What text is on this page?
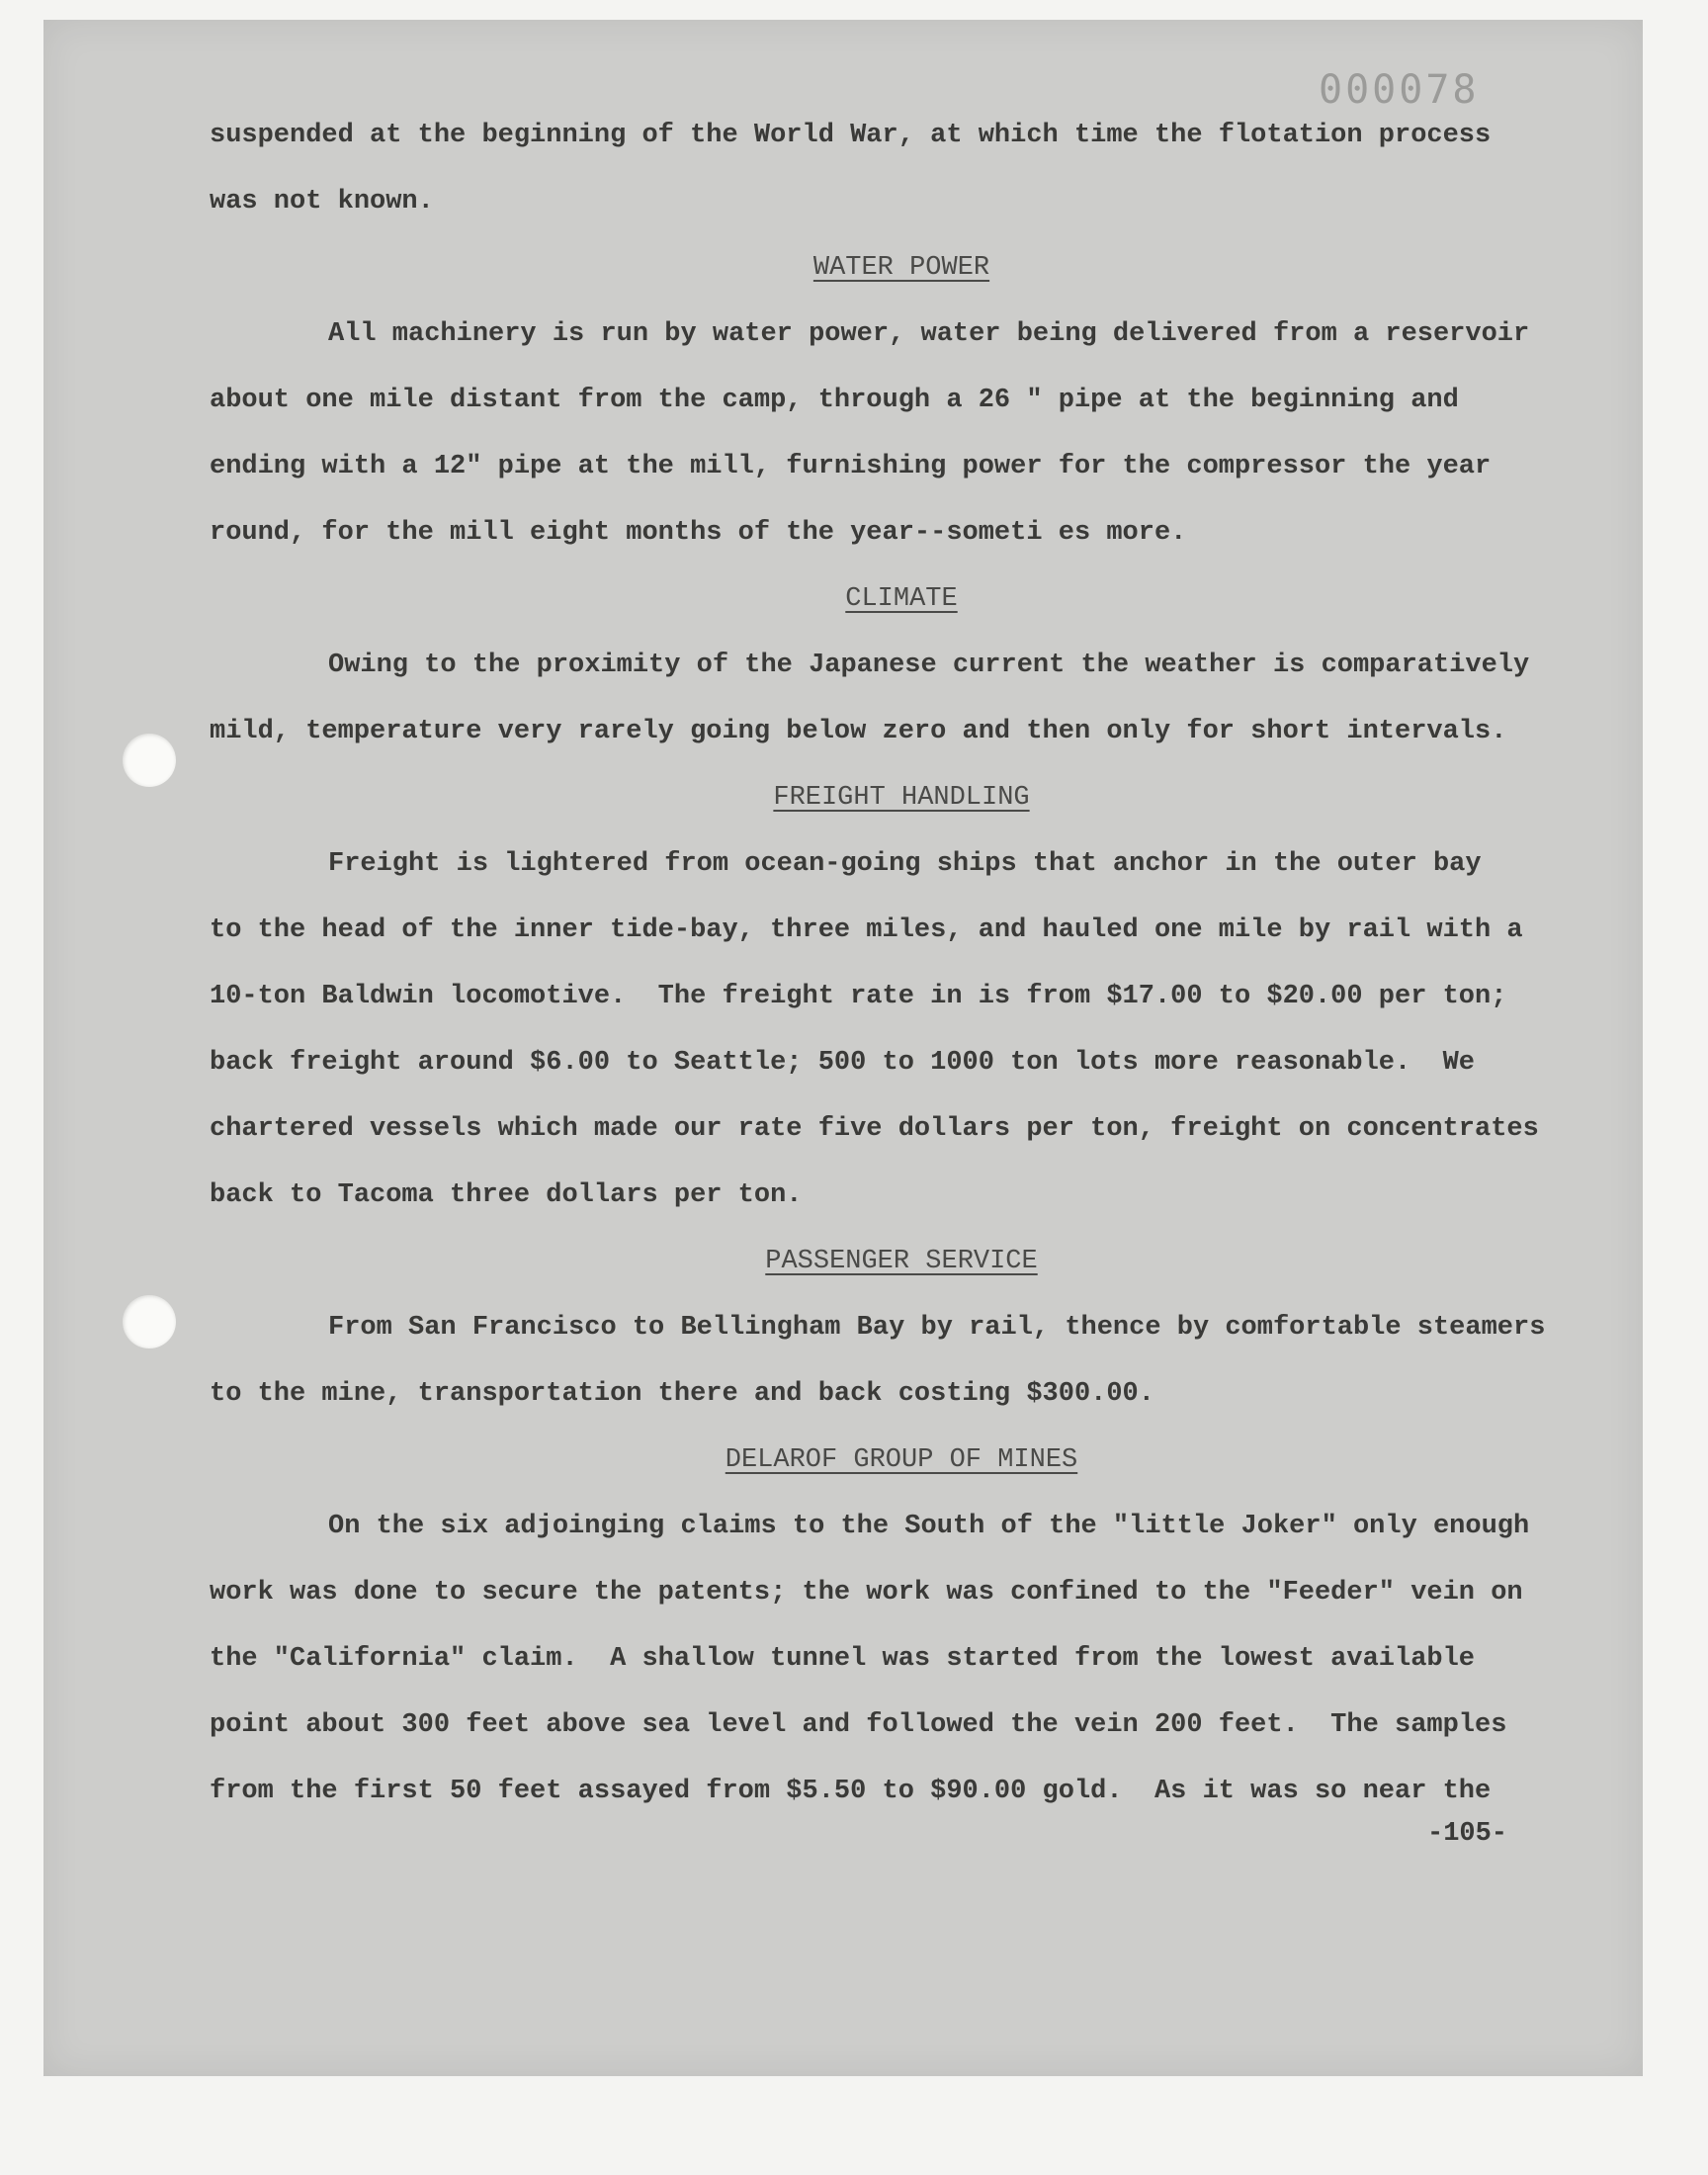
000078
suspended at the beginning of the World War, at which time the flotation process
was not known.
WATER POWER
All machinery is run by water power, water being delivered from a reservoir
about one mile distant from the camp, through a 26 " pipe at the beginning and
ending with a 12" pipe at the mill, furnishing power for the compressor the year
round, for the mill eight months of the year--someti es more.
CLIMATE
Owing to the proximity of the Japanese current the weather is comparatively
mild, temperature very rarely going below zero and then only for short intervals.
FREIGHT HANDLING
Freight is lightered from ocean-going ships that anchor in the outer bay
to the head of the inner tide-bay, three miles, and hauled one mile by rail with a
10-ton Baldwin locomotive.  The freight rate in is from $17.00 to $20.00 per ton;
back freight around $6.00 to Seattle; 500 to 1000 ton lots more reasonable.  We
chartered vessels which made our rate five dollars per ton, freight on concentrates
back to Tacoma three dollars per ton.
PASSENGER SERVICE
From San Francisco to Bellingham Bay by rail, thence by comfortable steamers
to the mine, transportation there and back costing $300.00.
DELAROF GROUP OF MINES
On the six adjoinging claims to the South of the "little Joker" only enough
work was done to secure the patents; the work was confined to the "Feeder" vein on
the "California" claim.  A shallow tunnel was started from the lowest available
point about 300 feet above sea level and followed the vein 200 feet.  The samples
from the first 50 feet assayed from $5.50 to $90.00 gold.  As it was so near the
-105-
